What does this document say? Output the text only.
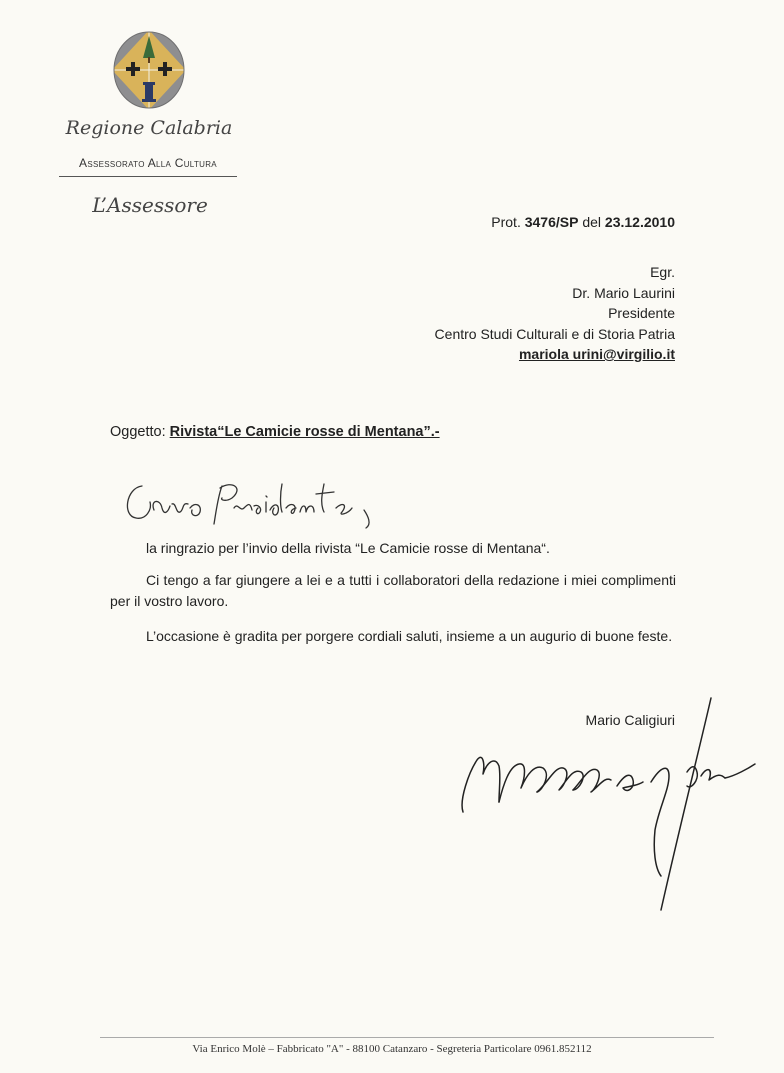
Regione Calabria
Assessorato Alla Cultura
L’Assessore
Prot. 3476/SP del 23.12.2010
Egr.
Dr. Mario Laurini
Presidente
Centro Studi Culturali e di Storia Patria
mariola urini@virgilio.it
Oggetto: Rivista“Le Camicie rosse di Mentana”.-

la ringrazio per l’invio della rivista “Le Camicie rosse di Mentana“.

Ci tengo a far giungere a lei e a tutti i collaboratori della redazione i miei complimenti per il vostro lavoro.

L’occasione è gradita per porgere cordiali saluti, insieme a un augurio di buone feste.

Mario Caligiuri
Via Enrico Molè – Fabbricato "A" - 88100 Catanzaro - Segreteria Particolare 0961.852112
